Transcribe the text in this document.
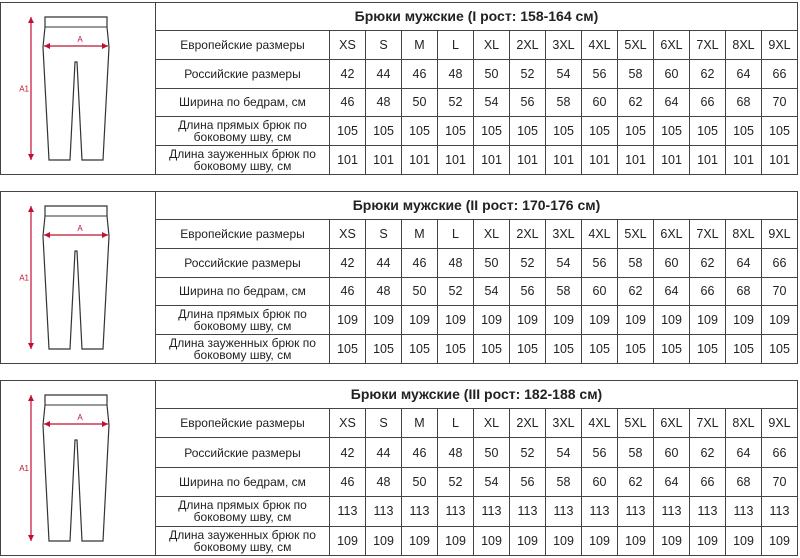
A
A1
Брюки мужские (I рост: 158-164 см)
Европейские размеры	XS	S	M	L	XL	2XL	3XL	4XL	5XL	6XL	7XL	8XL	9XL
Российские размеры	42	44	46	48	50	52	54	56	58	60	62	64	66
Ширина по бедрам, см	46	48	50	52	54	56	58	60	62	64	66	68	70
Длина прямых брюк по боковому шву, см	105	105	105	105	105	105	105	105	105	105	105	105	105
Длина зауженных брюк по боковому шву, см	101	101	101	101	101	101	101	101	101	101	101	101	101
A
A1
Брюки мужские (II рост: 170-176 см)
Европейские размеры	XS	S	M	L	XL	2XL	3XL	4XL	5XL	6XL	7XL	8XL	9XL
Российские размеры	42	44	46	48	50	52	54	56	58	60	62	64	66
Ширина по бедрам, см	46	48	50	52	54	56	58	60	62	64	66	68	70
Длина прямых брюк по боковому шву, см	109	109	109	109	109	109	109	109	109	109	109	109	109
Длина зауженных брюк по боковому шву, см	105	105	105	105	105	105	105	105	105	105	105	105	105
A
A1
Брюки мужские (III рост: 182-188 см)
Европейские размеры	XS	S	M	L	XL	2XL	3XL	4XL	5XL	6XL	7XL	8XL	9XL
Российские размеры	42	44	46	48	50	52	54	56	58	60	62	64	66
Ширина по бедрам, см	46	48	50	52	54	56	58	60	62	64	66	68	70
Длина прямых брюк по боковому шву, см	113	113	113	113	113	113	113	113	113	113	113	113	113
Длина зауженных брюк по боковому шву, см	109	109	109	109	109	109	109	109	109	109	109	109	109
